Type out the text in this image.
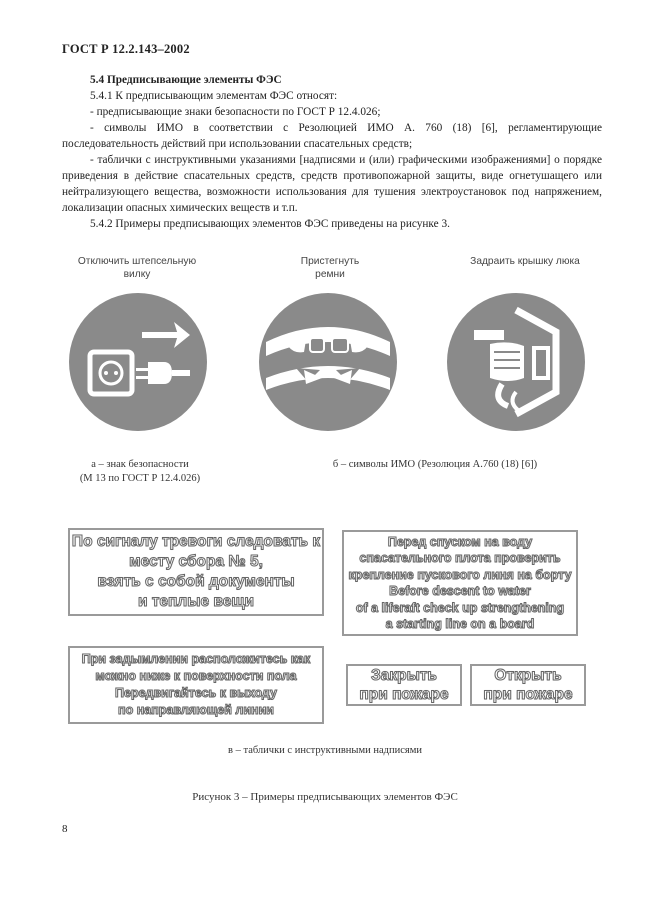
ГОСТ Р 12.2.143–2002

5.4 Предписывающие элементы ФЭС

5.4.1 К предписывающим элементам ФЭС относят:

- предписывающие знаки безопасности по ГОСТ Р 12.4.026;

- символы ИМО в соответствии с Резолюцией ИМО А. 760 (18) [6], регламентирующие последовательность действий при использовании спасательных средств;

- таблички с инструктивными указаниями [надписями и (или) графическими изображениями] о порядке приведения в действие спасательных средств, средств противопожарной защиты, виде огнетушащего или нейтрализующего вещества, возможности использования для тушения электроустановок под напряжением, локализации опасных химических веществ и т.п.

5.4.2 Примеры предписывающих элементов ФЭС приведены на рисунке 3.

Отключить штепсельную вилку
Пристегнуть ремни
Задраить крышку люка
а – знак безопасности
(М 13 по ГОСТ Р 12.4.026)
б – символы ИМО (Резолюция А.760 (18) [6])
По сигналу тревоги следовать к
месту сбора № 5,
взять с собой документы
и теплые вещи
Перед спуском на воду
спасательного плота проверить
крепление пускового линя на борту
Before descent to water
of a liferaft check up strengthening
a starting line on a board
При задымлении расположитесь как
можно ниже к поверхности пола
Передвигайтесь к выходу
по направляющей линии
Закрыть
при пожаре
Открыть
при пожаре
в – таблички с инструктивными надписями
Рисунок 3 – Примеры предписывающих элементов ФЭС
8
